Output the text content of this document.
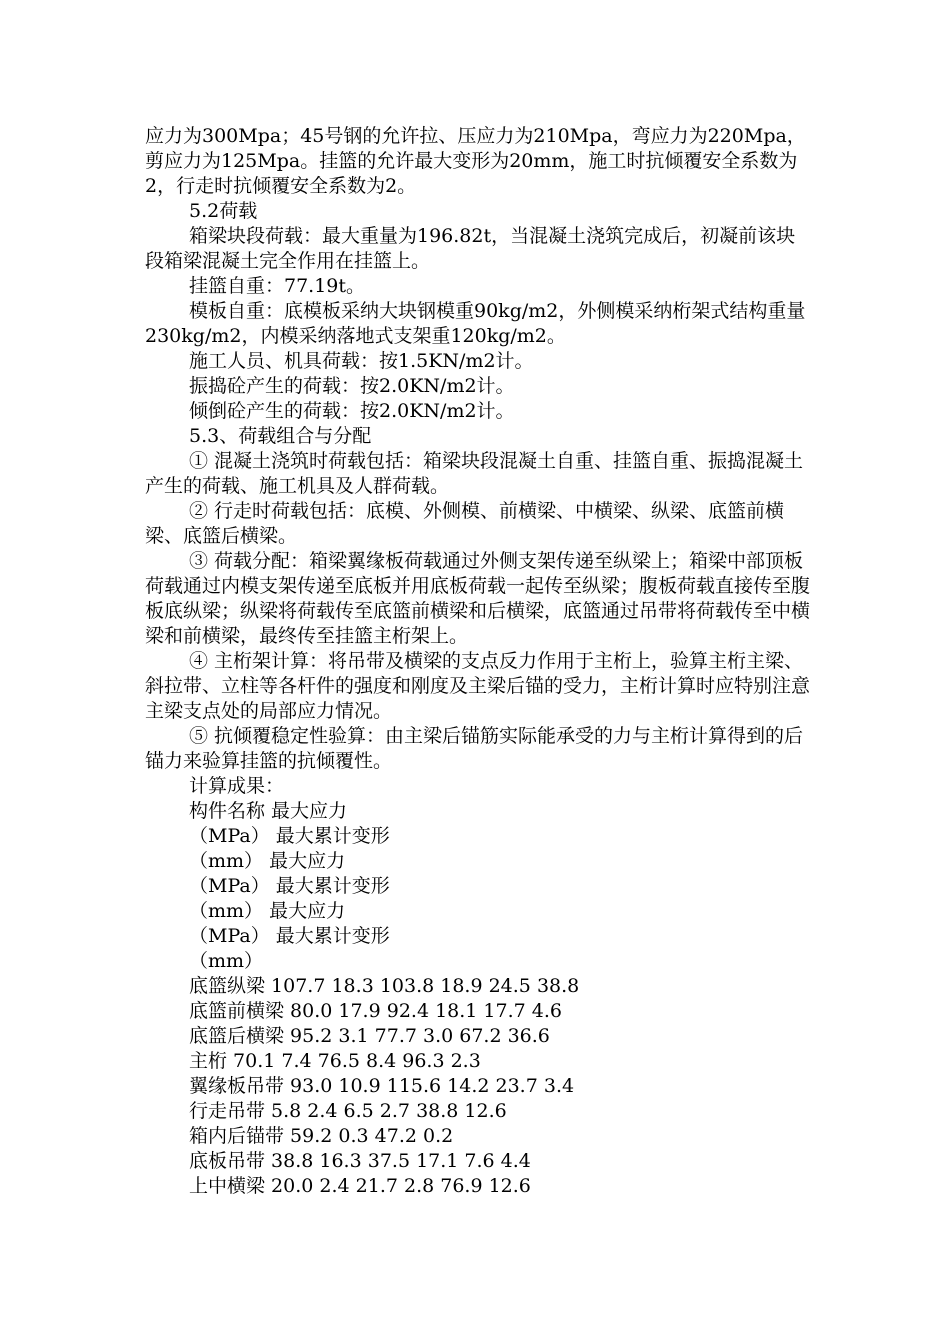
应力为300Mpa；45号钢的允许拉、压应力为210Mpa，弯应力为220Mpa，剪应力为125Mpa。挂篮的允许最大变形为20mm，施工时抗倾覆安全系数为2，行走时抗倾覆安全系数为2。

5.2荷载

箱梁块段荷载：最大重量为196.82t，当混凝土浇筑完成后，初凝前该块段箱梁混凝土完全作用在挂篮上。

挂篮自重：77.19t。

模板自重：底模板采纳大块钢模重90kg/m2，外侧模采纳桁架式结构重量230kg/m2，内模采纳落地式支架重120kg/m2。

施工人员、机具荷载：按1.5KN/m2计。

振捣砼产生的荷载：按2.0KN/m2计。

倾倒砼产生的荷载：按2.0KN/m2计。

5.3、荷载组合与分配

① 混凝土浇筑时荷载包括：箱梁块段混凝土自重、挂篮自重、振捣混凝土产生的荷载、施工机具及人群荷载。

② 行走时荷载包括：底模、外侧模、前横梁、中横梁、纵梁、底篮前横梁、底篮后横梁。

③ 荷载分配：箱梁翼缘板荷载通过外侧支架传递至纵梁上；箱梁中部顶板荷载通过内模支架传递至底板并用底板荷载一起传至纵梁；腹板荷载直接传至腹板底纵梁；纵梁将荷载传至底篮前横梁和后横梁，底篮通过吊带将荷载传至中横梁和前横梁，最终传至挂篮主桁架上。

④ 主桁架计算：将吊带及横梁的支点反力作用于主桁上，验算主桁主梁、斜拉带、立柱等各杆件的强度和刚度及主梁后锚的受力，主桁计算时应特别注意主梁支点处的局部应力情况。

⑤ 抗倾覆稳定性验算：由主梁后锚筋实际能承受的力与主桁计算得到的后锚力来验算挂篮的抗倾覆性。

计算成果：

构件名称 最大应力

（MPa） 最大累计变形

（mm） 最大应力

（MPa） 最大累计变形

（mm） 最大应力

（MPa） 最大累计变形

（mm）

底篮纵梁 107.7 18.3 103.8 18.9 24.5 38.8

底篮前横梁 80.0 17.9 92.4 18.1 17.7 4.6

底篮后横梁 95.2 3.1 77.7 3.0 67.2 36.6

主桁 70.1 7.4 76.5 8.4 96.3 2.3

翼缘板吊带 93.0 10.9 115.6 14.2 23.7 3.4

行走吊带 5.8 2.4 6.5 2.7 38.8 12.6

箱内后锚带 59.2 0.3 47.2 0.2

底板吊带 38.8 16.3 37.5 17.1 7.6 4.4

上中横梁 20.0 2.4 21.7 2.8 76.9 12.6
